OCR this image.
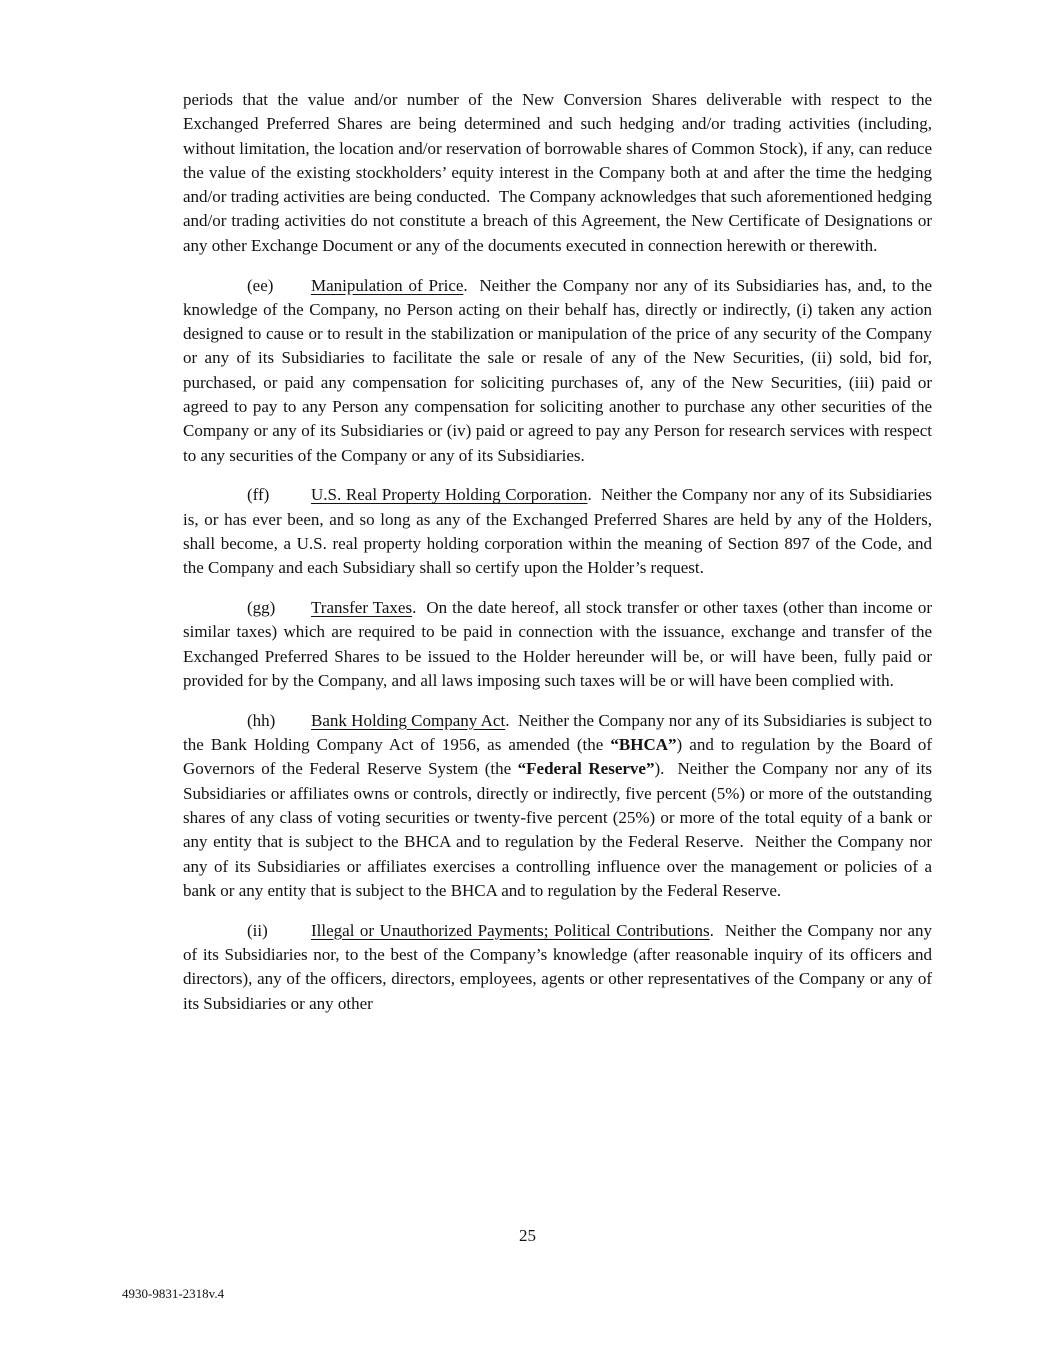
periods that the value and/or number of the New Conversion Shares deliverable with respect to the Exchanged Preferred Shares are being determined and such hedging and/or trading activities (including, without limitation, the location and/or reservation of borrowable shares of Common Stock), if any, can reduce the value of the existing stockholders’ equity interest in the Company both at and after the time the hedging and/or trading activities are being conducted.  The Company acknowledges that such aforementioned hedging and/or trading activities do not constitute a breach of this Agreement, the New Certificate of Designations or any other Exchange Document or any of the documents executed in connection herewith or therewith.

(ee) Manipulation of Price.  Neither the Company nor any of its Subsidiaries has, and, to the knowledge of the Company, no Person acting on their behalf has, directly or indirectly, (i) taken any action designed to cause or to result in the stabilization or manipulation of the price of any security of the Company or any of its Subsidiaries to facilitate the sale or resale of any of the New Securities, (ii) sold, bid for, purchased, or paid any compensation for soliciting purchases of, any of the New Securities, (iii) paid or agreed to pay to any Person any compensation for soliciting another to purchase any other securities of the Company or any of its Subsidiaries or (iv) paid or agreed to pay any Person for research services with respect to any securities of the Company or any of its Subsidiaries.

(ff) U.S. Real Property Holding Corporation.  Neither the Company nor any of its Subsidiaries is, or has ever been, and so long as any of the Exchanged Preferred Shares are held by any of the Holders, shall become, a U.S. real property holding corporation within the meaning of Section 897 of the Code, and the Company and each Subsidiary shall so certify upon the Holder’s request.

(gg) Transfer Taxes.  On the date hereof, all stock transfer or other taxes (other than income or similar taxes) which are required to be paid in connection with the issuance, exchange and transfer of the Exchanged Preferred Shares to be issued to the Holder hereunder will be, or will have been, fully paid or provided for by the Company, and all laws imposing such taxes will be or will have been complied with.

(hh) Bank Holding Company Act.  Neither the Company nor any of its Subsidiaries is subject to the Bank Holding Company Act of 1956, as amended (the “BHCA”) and to regulation by the Board of Governors of the Federal Reserve System (the “Federal Reserve”).  Neither the Company nor any of its Subsidiaries or affiliates owns or controls, directly or indirectly, five percent (5%) or more of the outstanding shares of any class of voting securities or twenty-five percent (25%) or more of the total equity of a bank or any entity that is subject to the BHCA and to regulation by the Federal Reserve.  Neither the Company nor any of its Subsidiaries or affiliates exercises a controlling influence over the management or policies of a bank or any entity that is subject to the BHCA and to regulation by the Federal Reserve.

(ii)	Illegal or Unauthorized Payments; Political Contributions.  Neither the Company nor any of its Subsidiaries nor, to the best of the Company’s knowledge (after reasonable inquiry of its officers and directors), any of the officers, directors, employees, agents or other representatives of the Company or any of its Subsidiaries or any other

25
4930-9831-2318v.4
